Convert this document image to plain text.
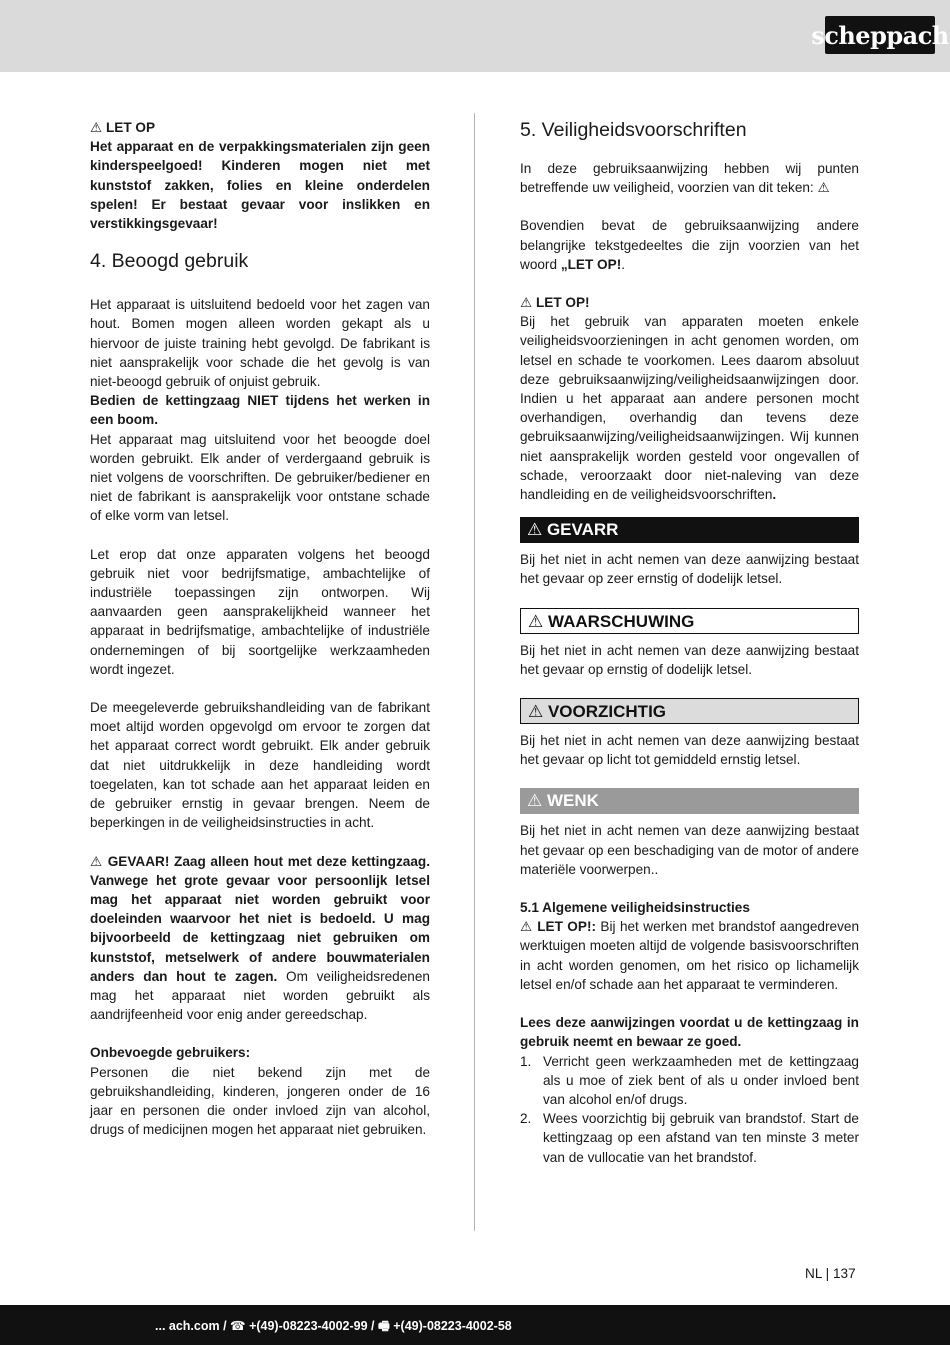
scheppach

⚠ LET OP

Het apparaat en de verpakkingsmaterialen zijn geen kinderspeelgoed! Kinderen mogen niet met kunststof zakken, folies en kleine onderdelen spelen! Er bestaat gevaar voor inslikken en verstikkingsgevaar!

4. Beoogd gebruik

Het apparaat is uitsluitend bedoeld voor het zagen van hout. Bomen mogen alleen worden gekapt als u hiervoor de juiste training hebt gevolgd. De fabrikant is niet aansprakelijk voor schade die het gevolg is van niet-beoogd gebruik of onjuist gebruik.

Bedien de kettingzaag NIET tijdens het werken in een boom.

Het apparaat mag uitsluitend voor het beoogde doel worden gebruikt. Elk ander of verdergaand gebruik is niet volgens de voorschriften. De gebruiker/bediener en niet de fabrikant is aansprakelijk voor ontstane schade of elke vorm van letsel.

Let erop dat onze apparaten volgens het beoogd gebruik niet voor bedrijfsmatige, ambachtelijke of industriële toepassingen zijn ontworpen. Wij aanvaarden geen aansprakelijkheid wanneer het apparaat in bedrijfsmatige, ambachtelijke of industriële ondernemingen of bij soortgelijke werkzaamheden wordt ingezet.

De meegeleverde gebruikshandleiding van de fabrikant moet altijd worden opgevolgd om ervoor te zorgen dat het apparaat correct wordt gebruikt. Elk ander gebruik dat niet uitdrukkelijk in deze handleiding wordt toegelaten, kan tot schade aan het apparaat leiden en de gebruiker ernstig in gevaar brengen. Neem de beperkingen in de veiligheidsinstructies in acht.

⚠ GEVAAR! Zaag alleen hout met deze kettingzaag. Vanwege het grote gevaar voor persoonlijk letsel mag het apparaat niet worden gebruikt voor doeleinden waarvoor het niet is bedoeld. U mag bijvoorbeeld de kettingzaag niet gebruiken om kunststof, metselwerk of andere bouwmaterialen anders dan hout te zagen. Om veiligheidsredenen mag het apparaat niet worden gebruikt als aandrijfeenheid voor enig ander gereedschap.

Onbevoegde gebruikers:

Personen die niet bekend zijn met de gebruikshandleiding, kinderen, jongeren onder de 16 jaar en personen die onder invloed zijn van alcohol, drugs of medicijnen mogen het apparaat niet gebruiken.

5. Veiligheidsvoorschriften

In deze gebruiksaanwijzing hebben wij punten betreffende uw veiligheid, voorzien van dit teken: ⚠

Bovendien bevat de gebruiksaanwijzing andere belangrijke tekstgedeeltes die zijn voorzien van het woord „LET OP!.

⚠ LET OP!

Bij het gebruik van apparaten moeten enkele veiligheidsvoorzieningen in acht genomen worden, om letsel en schade te voorkomen. Lees daarom absoluut deze gebruiksaanwijzing/veiligheidsaanwijzingen door. Indien u het apparaat aan andere personen mocht overhandigen, overhandig dan tevens deze gebruiksaanwijzing/veiligheidsaanwijzingen. Wij kunnen niet aansprakelijk worden gesteld voor ongevallen of schade, veroorzaakt door niet-naleving van deze handleiding en de veiligheidsvoorschriften.

⚠ GEVARR

Bij het niet in acht nemen van deze aanwijzing bestaat het gevaar op zeer ernstig of dodelijk letsel.

⚠ WAARSCHUWING

Bij het niet in acht nemen van deze aanwijzing bestaat het gevaar op ernstig of dodelijk letsel.

⚠ VOORZICHTIG

Bij het niet in acht nemen van deze aanwijzing bestaat het gevaar op licht tot gemiddeld ernstig letsel.

⚠ WENK

Bij het niet in acht nemen van deze aanwijzing bestaat het gevaar op een beschadiging van de motor of andere materiële voorwerpen..

5.1 Algemene veiligheidsinstructies

⚠ LET OP!: Bij het werken met brandstof aangedreven werktuigen moeten altijd de volgende basisvoorschriften in acht worden genomen, om het risico op lichamelijk letsel en/of schade aan het apparaat te verminderen.

Lees deze aanwijzingen voordat u de kettingzaag in gebruik neemt en bewaar ze goed.

1. Verricht geen werkzaamheden met de kettingzaag als u moe of ziek bent of als u onder invloed bent van alcohol en/of drugs.
2. Wees voorzichtig bij gebruik van brandstof. Start de kettingzaag op een afstand van ten minste 3 meter van de vullocatie van het brandstof.
NL | 137
... ach.com / ☎ +(49)-08223-4002-99 / 🖷 +(49)-08223-4002-58
